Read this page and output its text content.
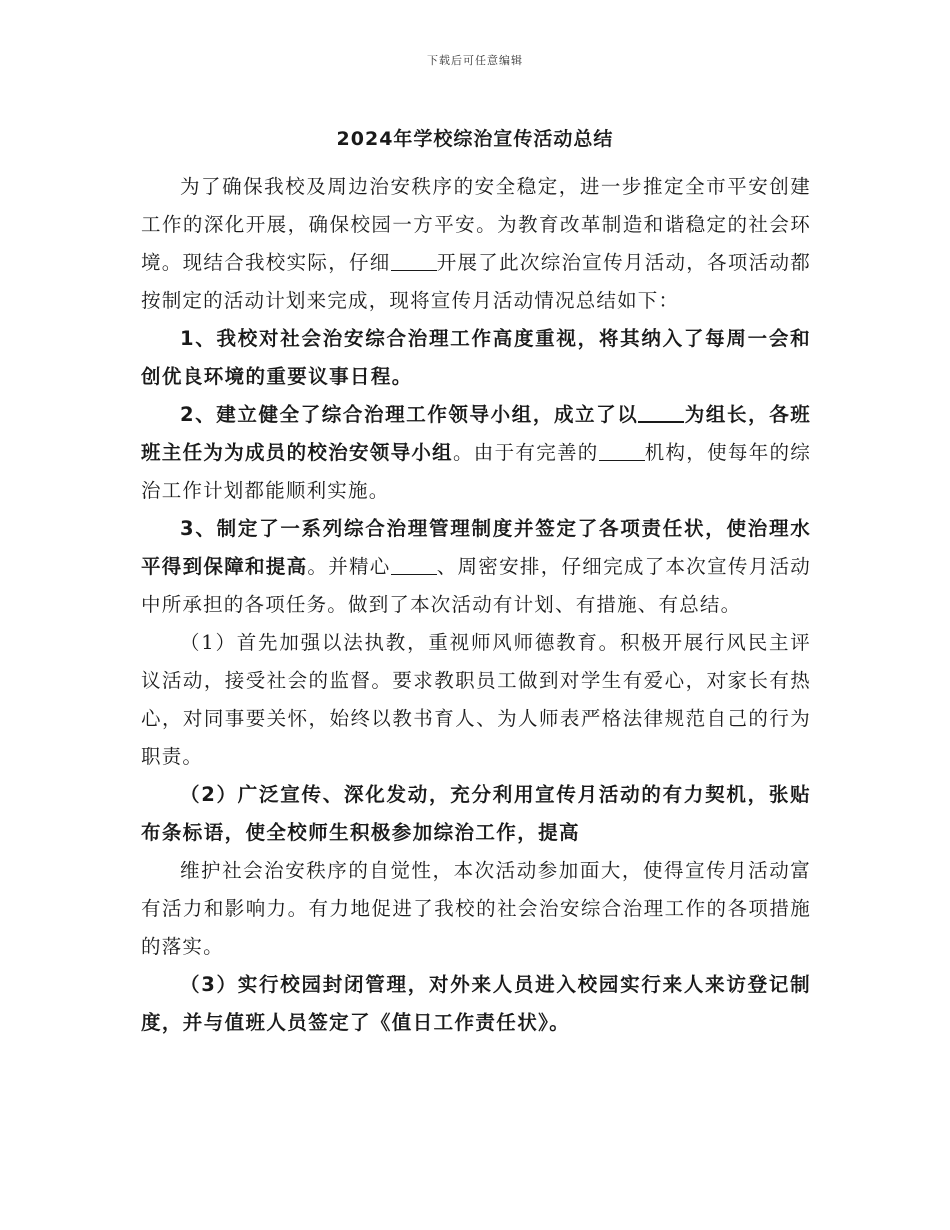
下载后可任意编辑
2024年学校综治宣传活动总结

为了确保我校及周边治安秩序的安全稳定，进一步推定全市平安创建工作的深化开展，确保校园一方平安。为教育改革制造和谐稳定的社会环境。现结合我校实际，仔细 开展了此次综治宣传月活动，各项活动都按制定的活动计划来完成，现将宣传月活动情况总结如下：

1、我校对社会治安综合治理工作高度重视，将其纳入了每周一会和创优良环境的重要议事日程。

2、建立健全了综合治理工作领导小组，成立了以 为组长，各班班主任为为成员的校治安领导小组。由于有完善的 机构，使每年的综治工作计划都能顺利实施。

3、制定了一系列综合治理管理制度并签定了各项责任状，使治理水平得到保障和提高。并精心 、周密安排，仔细完成了本次宣传月活动中所承担的各项任务。做到了本次活动有计划、有措施、有总结。

（1）首先加强以法执教，重视师风师德教育。积极开展行风民主评议活动，接受社会的监督。要求教职员工做到对学生有爱心，对家长有热心，对同事要关怀，始终以教书育人、为人师表严格法律规范自己的行为职责。

（2）广泛宣传、深化发动，充分利用宣传月活动的有力契机，张贴布条标语，使全校师生积极参加综治工作，提高

维护社会治安秩序的自觉性，本次活动参加面大，使得宣传月活动富有活力和影响力。有力地促进了我校的社会治安综合治理工作的各项措施的落实。

（3）实行校园封闭管理，对外来人员进入校园实行来人来访登记制度，并与值班人员签定了《值日工作责任状》。
